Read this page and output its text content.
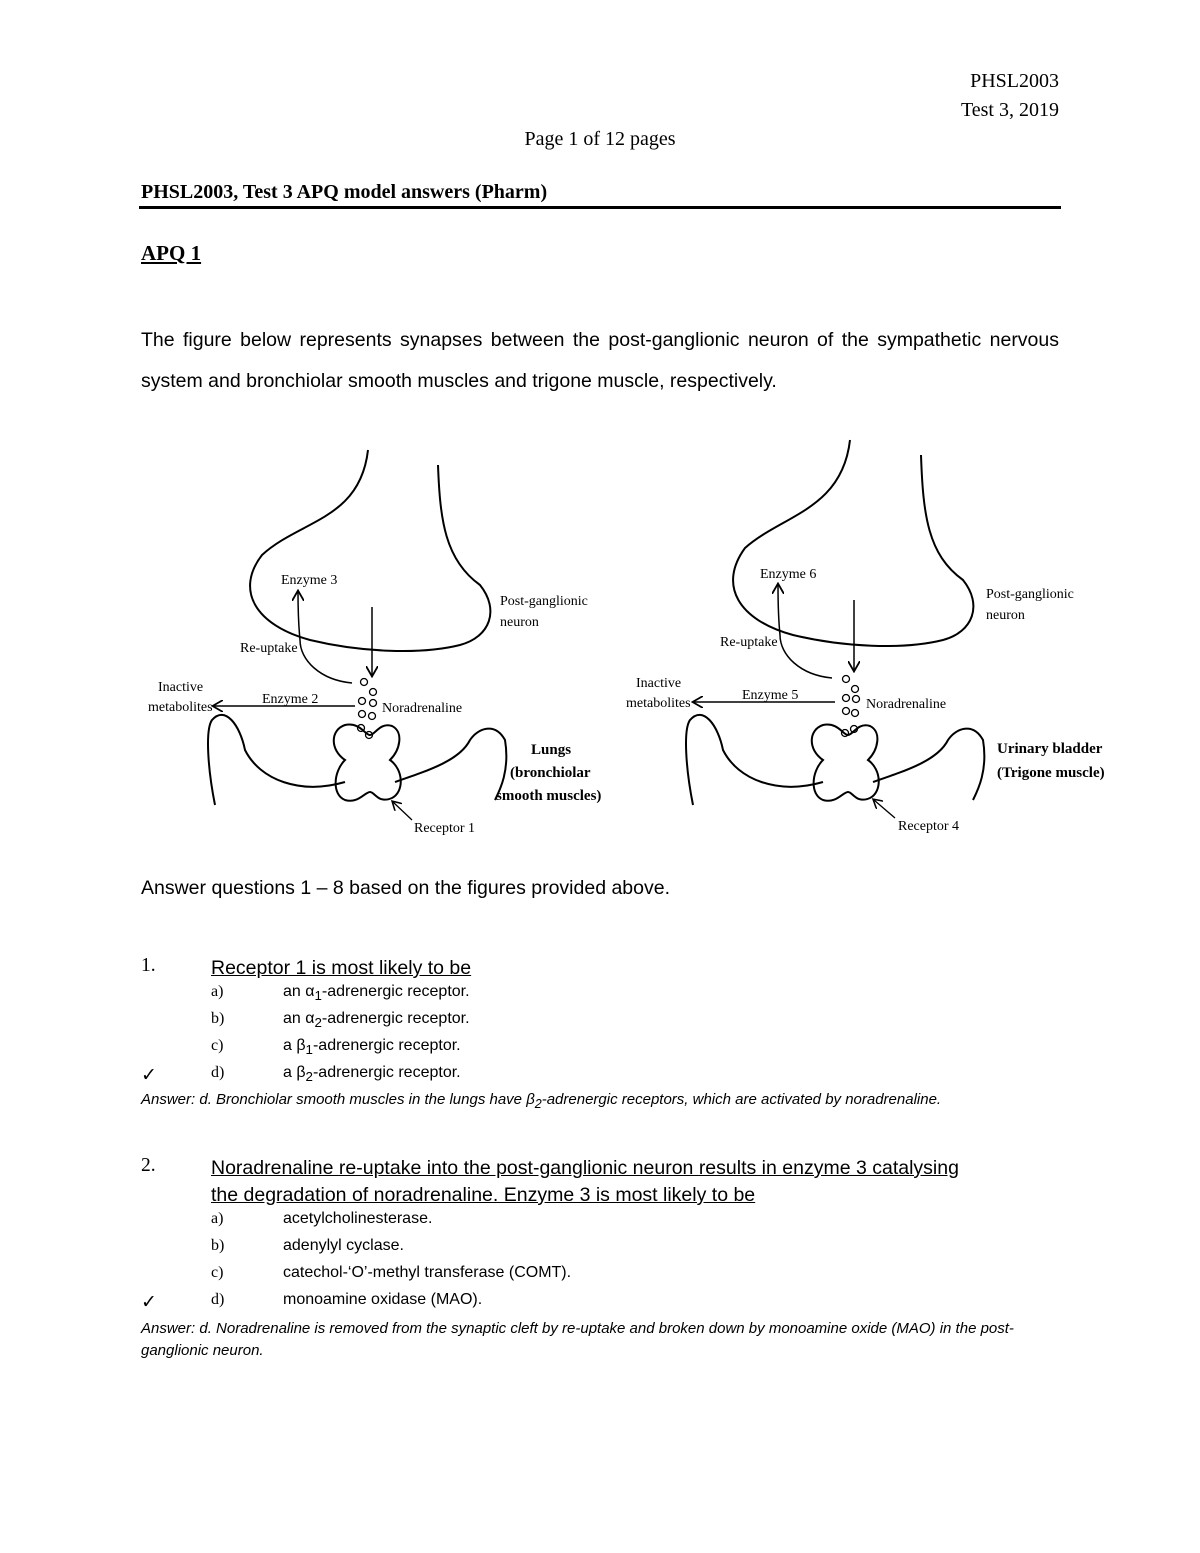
PHSL2003
Test 3, 2019
Page 1 of 12 pages
PHSL2003, Test 3 APQ model answers (Pharm)
APQ 1
The figure below represents synapses between the post-ganglionic neuron of the sympathetic nervous system and bronchiolar smooth muscles and trigone muscle, respectively.
Enzyme 3
Post-ganglionic
neuron
Re-uptake
Inactive
metabolites
Enzyme 2
Noradrenaline
Lungs
(bronchiolar
smooth muscles)
Receptor 1
Enzyme 6
Post-ganglionic
neuron
Re-uptake
Inactive
metabolites
Enzyme 5
Noradrenaline
Urinary bladder
(Trigone muscle)
Receptor 4
Answer questions 1 – 8 based on the figures provided above.
1.	Receptor 1 is most likely to be
a)	an $\alpha_1$-adrenergic receptor.
b)	an $\alpha_2$-adrenergic receptor.
c)	a $\beta_1$-adrenergic receptor.
✓	d)	a $\beta_2$-adrenergic receptor.
Answer: d. Bronchiolar smooth muscles in the lungs have $\beta_2$-adrenergic receptors, which are activated by noradrenaline.
2.	Noradrenaline re-uptake into the post-ganglionic neuron results in enzyme 3 catalysing
the degradation of noradrenaline. Enzyme 3 is most likely to be
a)	acetylcholinesterase.
b)	adenylyl cyclase.
c)	catechol-‘O’-methyl transferase (COMT).
✓	d)	monoamine oxidase (MAO).
Answer: d. Noradrenaline is removed from the synaptic cleft by re-uptake and broken down by monoamine oxide (MAO) in the post-ganglionic neuron.
